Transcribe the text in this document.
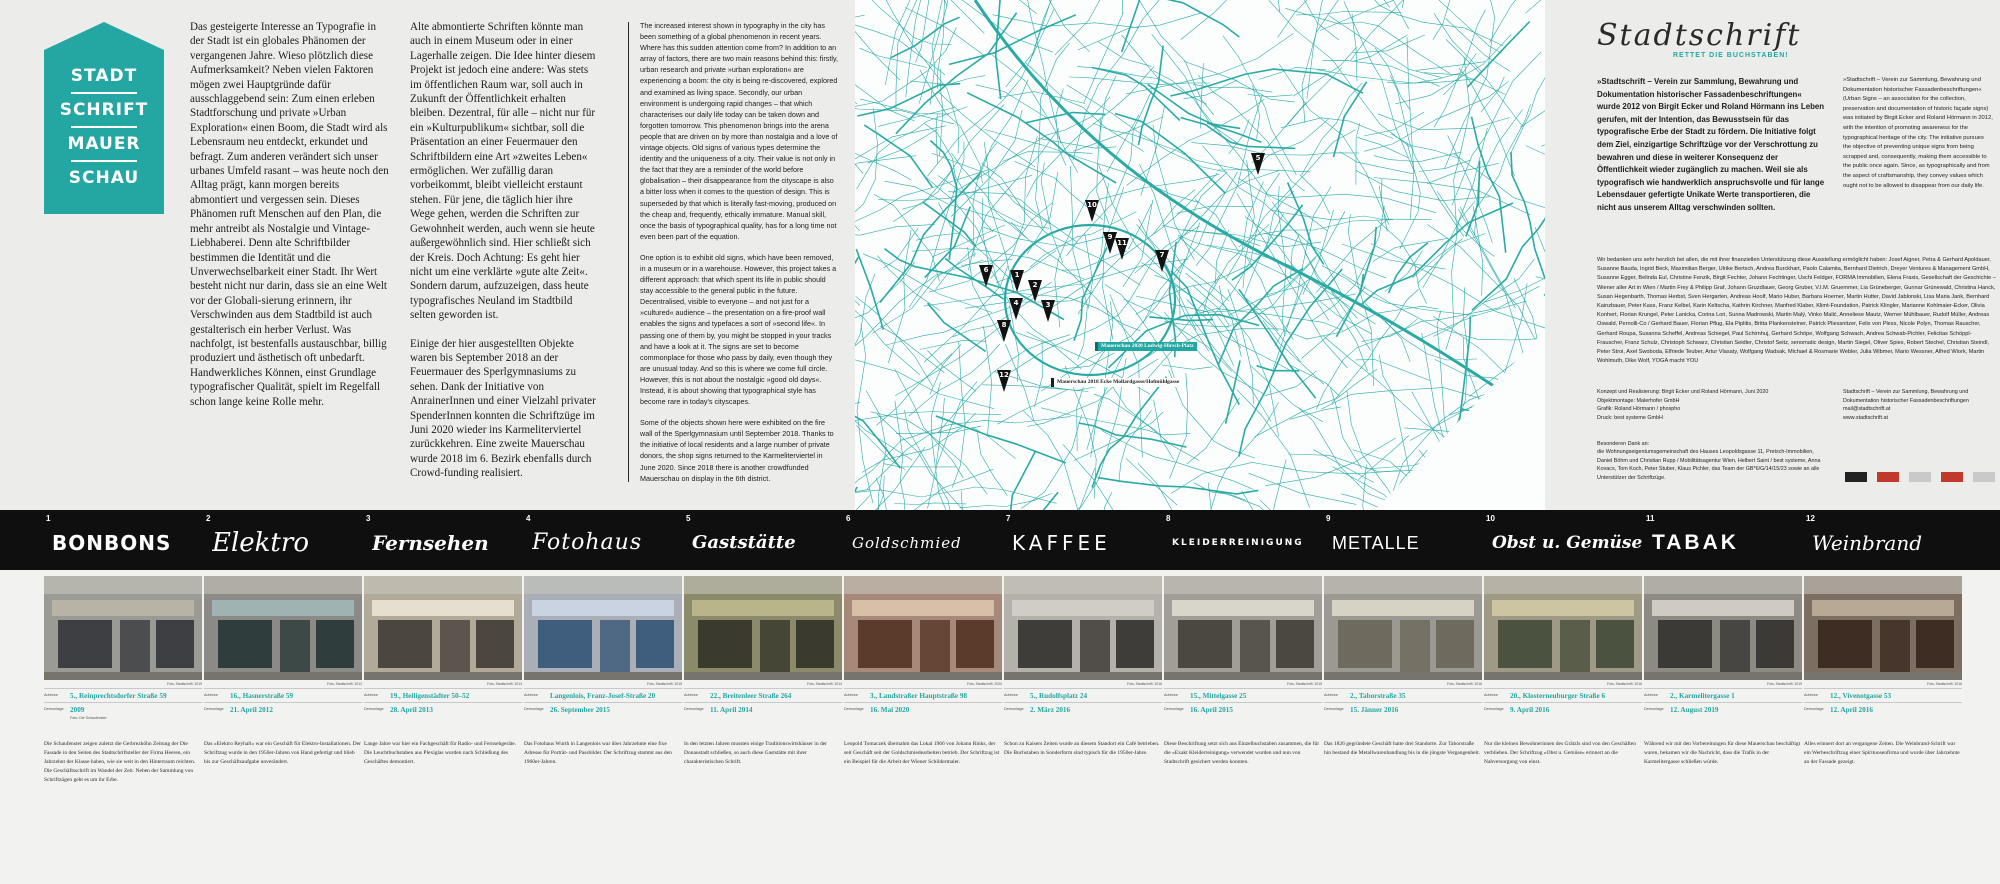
STADT
SCHRIFT
MAUER
SCHAU

Das gesteigerte Interesse an Typografie in der Stadt ist ein globales Phänomen der vergangenen Jahre. Wieso plötzlich diese Aufmerksamkeit? Neben vielen Faktoren mögen zwei Hauptgründe dafür ausschlaggebend sein: Zum einen erleben Stadtforschung und private »Urban Exploration« einen Boom, die Stadt wird als Lebensraum neu entdeckt, erkundet und befragt. Zum anderen verändert sich unser urbanes Umfeld rasant – was heute noch den Alltag prägt, kann morgen bereits abmontiert und vergessen sein. Dieses Phänomen ruft Menschen auf den Plan, die mehr antreibt als Nostalgie und Vintage-Liebhaberei. Denn alte Schriftbilder bestimmen die Identität und die Unverwechselbarkeit einer Stadt. Ihr Wert besteht nicht nur darin, dass sie an eine Welt vor der Globali-sierung erinnern, ihr Verschwinden aus dem Stadtbild ist auch gestalterisch ein herber Verlust. Was nachfolgt, ist bestenfalls austauschbar, billig produziert und ästhetisch oft unbedarft. Handwerkliches Können, einst Grundlage typografischer Qualität, spielt im Regelfall schon lange keine Rolle mehr.

Alte abmontierte Schriften könnte man auch in einem Museum oder in einer Lagerhalle zeigen. Die Idee hinter diesem Projekt ist jedoch eine andere: Was stets im öffentlichen Raum war, soll auch in Zukunft der Öffentlichkeit erhalten bleiben. Dezentral, für alle – nicht nur für ein »Kulturpublikum« sichtbar, soll die Präsentation an einer Feuermauer den Schriftbildern eine Art »zweites Leben« ermöglichen. Wer zufällig daran vorbeikommt, bleibt vielleicht erstaunt stehen. Für jene, die täglich hier ihre Wege gehen, werden die Schriften zur Gewohnheit werden, auch wenn sie heute außergewöhnlich sind. Hier schließt sich der Kreis. Doch Achtung: Es geht hier nicht um eine verklärte »gute alte Zeit«. Sondern darum, aufzuzeigen, dass heute typografisches Neuland im Stadtbild selten geworden ist.

Einige der hier ausgestellten Objekte waren bis September 2018 an der Feuermauer des Sperlgymnasiums zu sehen. Dank der Initiative von AnrainerInnen und einer Vielzahl privater SpenderInnen konnten die Schriftzüge im Juni 2020 wieder ins Karmeliterviertel zurückkehren. Eine zweite Mauerschau wurde 2018 im 6. Bezirk ebenfalls durch Crowd-funding realisiert.

The increased interest shown in typography in the city has been something of a global phenomenon in recent years. Where has this sudden attention come from? In addition to an array of factors, there are two main reasons behind this: firstly, urban research and private »urban exploration« are experiencing a boom: the city is being re-discovered, explored and examined as living space. Secondly, our urban environment is undergoing rapid changes – that which characterises our daily life today can be taken down and forgotten tomorrow. This phenomenon brings into the arena people that are driven on by more than nostalgia and a love of vintage objects. Old signs of various types determine the identity and the uniqueness of a city. Their value is not only in the fact that they are a reminder of the world before globalisation – their disappearance from the cityscape is also a bitter loss when it comes to the question of design. This is superseded by that which is literally fast-moving, produced on the cheap and, frequently, ethically immature. Manual skill, once the basis of typographical quality, has for a long time not even been part of the equation.

One option is to exhibit old signs, which have been removed, in a museum or in a warehouse. However, this project takes a different approach: that which spent its life in public should stay accessible to the general public in the future. Decentralised, visible to everyone – and not just for a »cultured« audience – the presentation on a fire-proof wall enables the signs and typefaces a sort of »second life«. In passing one of them by, you might be stopped in your tracks and have a look at it. The signs are set to become commonplace for those who pass by daily, even though they are unusual today. And so this is where we come full circle. However, this is not about the nostalgic »good old days«. Instead, it is about showing that typographical style has become rare in today's cityscapes.

Some of the objects shown here were exhibited on the fire wall of the Sperlgymnasium until September 2018. Thanks to the initiative of local residents and a large number of private donors, the shop signs returned to the Karmeliterviertel in June 2020. Since 2018 there is another crowdfunded Mauerschau on display in the 6th district.

Mauerschau 2020 Ludwig-Hirsch-Platz
Mauerschau 2018 Ecke Mollardgasse/Hofmühlgasse
1
2
3
4
5
6
7
8
9
10
11
12
Stadtschrift
RETTET DIE BUCHSTABEN!
»Stadtschrift – Verein zur Sammlung, Bewahrung und Dokumentation historischer Fassadenbeschriftungen« wurde 2012 von Birgit Ecker und Roland Hörmann ins Leben gerufen, mit der Intention, das Bewusstsein für das typografische Erbe der Stadt zu fördern. Die Initiative folgt dem Ziel, einzigartige Schriftzüge vor der Verschrottung zu bewahren und diese in weiterer Konsequenz der Öffentlichkeit wieder zugänglich zu machen. Weil sie als typografisch wie handwerklich anspruchsvolle und für lange Lebensdauer gefertigte Unikate Werte transportieren, die nicht aus unserem Alltag verschwinden sollten.
»Stadtschrift – Verein zur Sammlung, Bewahrung und Dokumentation historischer Fassadenbeschriftungen« (Urban Signs – an association for the collection, preservation and documentation of historic façade signs) was initiated by Birgit Ecker and Roland Hörmann in 2012, with the intention of promoting awareness for the typographical heritage of the city. The initiative pursues the objective of preventing unique signs from being scrapped and, consequently, making them accessible to the public once again. Since, as typographically and from the aspect of craftsmanship, they convey values which ought not to be allowed to disappear from our daily life.
Wir bedanken uns sehr herzlich bei allen, die mit ihrer finanziellen Unterstützung diese Ausstellung ermöglicht haben: Josef Aigner, Petra & Gerhard Apoldauer, Susanne Bauda, Ingrid Beck, Maximilian Berger, Ulrike Bertsch, Andrea Burckhart, Paolo Calamita, Bernhard Dietrich, Dreyer Ventures & Management GmbH, Susanne Egger, Belinda Eul, Christine Fenzik, Birgit Fechter, Johann Fechtinger, Uschi Feldger, FORMA Immobilien, Elena Fraxis, Gesellschaft der Geschichte – Wiener aller Art in Wien / Martin Frey & Philipp Graf, Johann Gruzdlauer, Georg Gruber, V.I.M. Gruemmer, Lia Grüneberger, Gunnar Grünewald, Christina Hanck, Susan Hegenbarth, Thomas Herbst, Sven Hergarten, Andreas Hoolf, Mario Huber, Barbara Hoerner, Martin Hutter, David Jablonski, Lisa Maria Jank, Bernhard Kainzbauer, Peter Kass, Franz Kelbel, Karin Keltscha, Kathrin Kirchner, Manfred Klaber, Klimt-Foundation, Patrick Klingler, Marianne Kohlmaier-Ecker, Olivia Konhert, Florian Krungel, Peter Lanicka, Corina Lori, Sunna Madrowski, Martin Malý, Vinko Malić, Anneliese Mautz, Werner Mühlbauer, Rudolf Müller, Andreas Oswald, Pernolli-Co / Gerhard Bauer, Florian Pflug, Ela Piplitis, Britta Plankensteiner, Patrick Pliessnitzer, Felix von Pless, Nicole Polyn, Thomas Rauscher, Gerhard Roupa, Susanna Scheffel, Andreas Schiegel, Paul Schirnhuj, Gerhard Schöpe, Wolfgang Schwach, Andrea Schwab-Pichler, Felicitas Schöppl-Frauscher, Franz Schulz, Christoph Schwarz, Christian Seidler, Christof Seitz, senomatic design, Martin Siegel, Oliver Spies, Robert Stechel, Christian Steindl, Peter Stroi, Axel Swoboda, Elfriede Teuber, Artur Vlasaty, Wolfgang Wadsak, Michael & Rosmarie Webler, Julia Wibmer, Mario Wessner, Alfred Wiork, Martin Wohlmuth, Dike Wolf, YOGA macht YOU
Konzept und Realisierung: Birgit Ecker und Roland Hörmann, Juni 2020
Objektmontage: Malerhofer GmbH
Grafik: Roland Hörmann / phospho
Druck: best systeme GmbH
Stadtschrift – Verein zur Sammlung, Bewahrung und Dokumentation historischer Fassadenbeschriftungen
mail@stadtschrift.at
www.stadtschrift.at
Besonderen Dank an:
die Wohnungseigentumsgemeinschaft des Hauses Leopoldsgasse 11, Pretsch-Immobilien, Daniel Böhm und Christian Rupp / Mobilitätsagentur Wien, Helbert Saint / best systeme, Anna Kovacs, Tom Koch, Peter Stuber, Klaus Pichler, das Team der GB*6/G/14/15/23 sowie an alle Unterstützer der Schriftzüge.
1
BONBONS
2
Elektro
3
Fernsehen
4
Fotohaus
5
Gaststätte
6
Goldschmied
7
KAFFEE
8
KLEIDERREINIGUNG
9
METALLE
10
Obst u. Gemüse
11
TABAK
12
Weinbrand
Foto: Stadtschrift, 2019
Adresse	5., Reinprechtsdorfer Straße 59
Demontage 2009
Foto: Die Schaufenster
Die Schaufenster zeigen zuletzt die Gerbrezhöhn Zeitung der Die Fassade in den Seiten des Stadtschriftsteller der Firma Heeren, ein Jahrzehnt der Klasse haben, wie sie weit in den Hinterraum reichten. Die Geschäftsschrift im Wandel der Zeit. Neben der Sammlung von Schriftzügen geht es um ihr Erbe.
Foto: Stadtschrift, 2012
Adresse	16., Hasnerstraße 59
Demontage 21. April 2012
Das »Elektro Reyhall« war ein Geschäft für Elektro-Installationen. Der Schriftzug wurde in den 1950er-Jahren von Hand gefertigt und blieb bis zur Geschäftsaufgabe unverändert.
Foto: Stadtschrift, 2013
Adresse	19., Heiligenstädter 50–52
Demontage 28. April 2013
Lange Jahre war hier ein Fachgeschäft für Radio- und Fernsehgeräte. Die Leuchtbuchstaben aus Plexiglas wurden nach Schließung des Geschäftes demontiert.
Foto: Stadtschrift, 2015
Adresse	Langenlois, Franz-Josef-Straße 20
Demontage 26. September 2015
Das Fotohaus Wurth in Langenlois war über Jahrzehnte eine fixe Adresse für Porträt- und Passbilder. Der Schriftzug stammt aus den 1960er-Jahren.
Foto: Stadtschrift, 2014
Adresse	22., Breitenleer Straße 264
Demontage 11. April 2014
In den letzten Jahren mussten einige Traditionswirtshäuser in der Donaustadt schließen, so auch diese Gaststätte mit ihrer charakteristischen Schrift.
Foto: Stadtschrift, 2020
Adresse	3., Landstraßer Hauptstraße 98
Demontage 16. Mai 2020
Leopold Tomaczek übernahm das Lokal 1966 von Johann Rinks, der seit Geschäft seit der Goldschmiedearbeiten betrieb. Der Schriftzug ist ein Beispiel für die Arbeit der Wiener Schildermaler.
Foto: Stadtschrift, 2016
Adresse	5., Rudolfsplatz 24
Demontage 2. März 2016
Schon zu Kaisers Zeiten wurde an diesem Standort ein Café betrieben. Die Buchstaben in Sonderform sind typisch für die 1950er-Jahre.
Foto: Stadtschrift, 2015
Adresse	15., Mittelgasse 25
Demontage 16. April 2015
Diese Beschriftung setzt sich aus Einzelbuchstaben zusammen, die für die »Exakt Kleiderreinigung« verwendet wurden und nun von Stadtschrift gesichert werden konnten.
Foto: Stadtschrift, 2016
Adresse	2., Taborstraße 35
Demontage 15. Jänner 2016
Das 1826 gegründete Geschäft hatte drei Standorte. Zur Taborstraße hin bestand die Metallwarenhandlung bis in die jüngste Vergangenheit.
Foto: Stadtschrift, 2016
Adresse	20., Klosterneuburger Straße 6
Demontage 9. April 2016
Nur die kleinen Bewohnerinnen des Grätzls sind von den Geschäften verblieben. Der Schriftzug »Obst u. Gemüse« erinnert an die Nahversorgung von einst.
Foto: Stadtschrift, 2019
Adresse	2., Karmelitergasse 1
Demontage 12. August 2019
Während wir mit den Vorbereitungen für diese Mauerschau beschäftigt waren, bekamen wir die Nachricht, dass die Trafik in der Karmelitergasse schließen würde.
Foto: Stadtschrift, 2016
Adresse	12., Vivenotgasse 53
Demontage 12. April 2016
Alles erinnert dort an vergangene Zeiten. Die Weinbrand-Schrift war ein Werbeschriftzug einer Spirituosenfirma und wurde über Jahrzehnte an der Fassade gezeigt.
